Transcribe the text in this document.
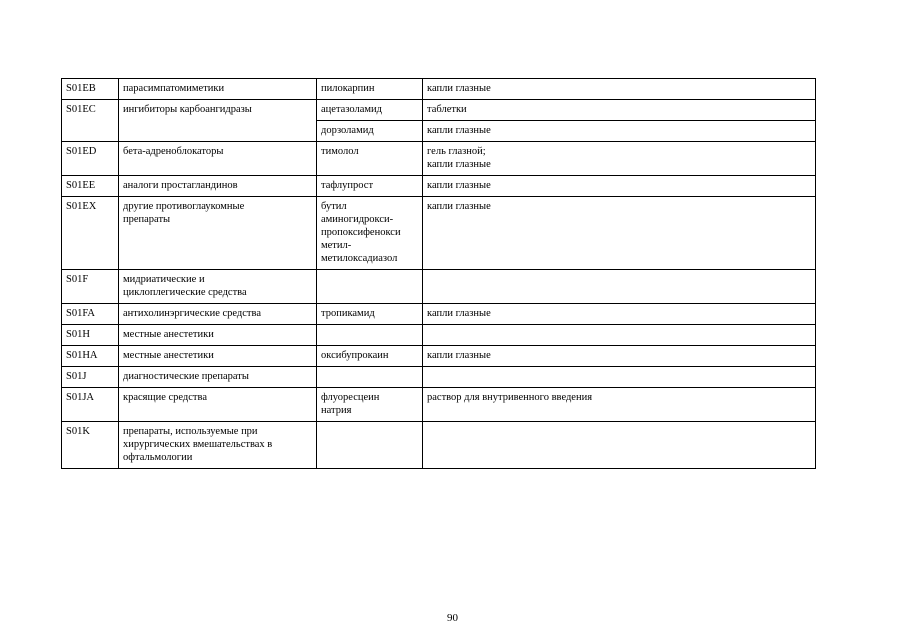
S01EB	парасимпатомиметики	пилокарпин	капли глазные

S01EC	ингибиторы карбоангидразы	ацетазоламид	таблетки

		дорзоламид	капли глазные

S01ED	бета-адреноблокаторы	тимолол	гель глазной;
капли глазные

S01EE	аналоги простагландинов	тафлупрост	капли глазные

S01EX	другие противоглаукомные
препараты	бутил
аминогидрокси-
пропоксифенокси
метил-
метилоксадиазол	капли глазные

S01F	мидриатические и
циклоплегические средства		

S01FA	антихолинэргические средства	тропикамид	капли глазные

S01H	местные анестетики		

S01HA	местные анестетики	оксибупрокаин	капли глазные

S01J	диагностические препараты		

S01JA	красящие средства	флуоресцеин
натрия	раствор для внутривенного введения

S01K	препараты, используемые при
хирургических вмешательствах в
офтальмологии		

90
